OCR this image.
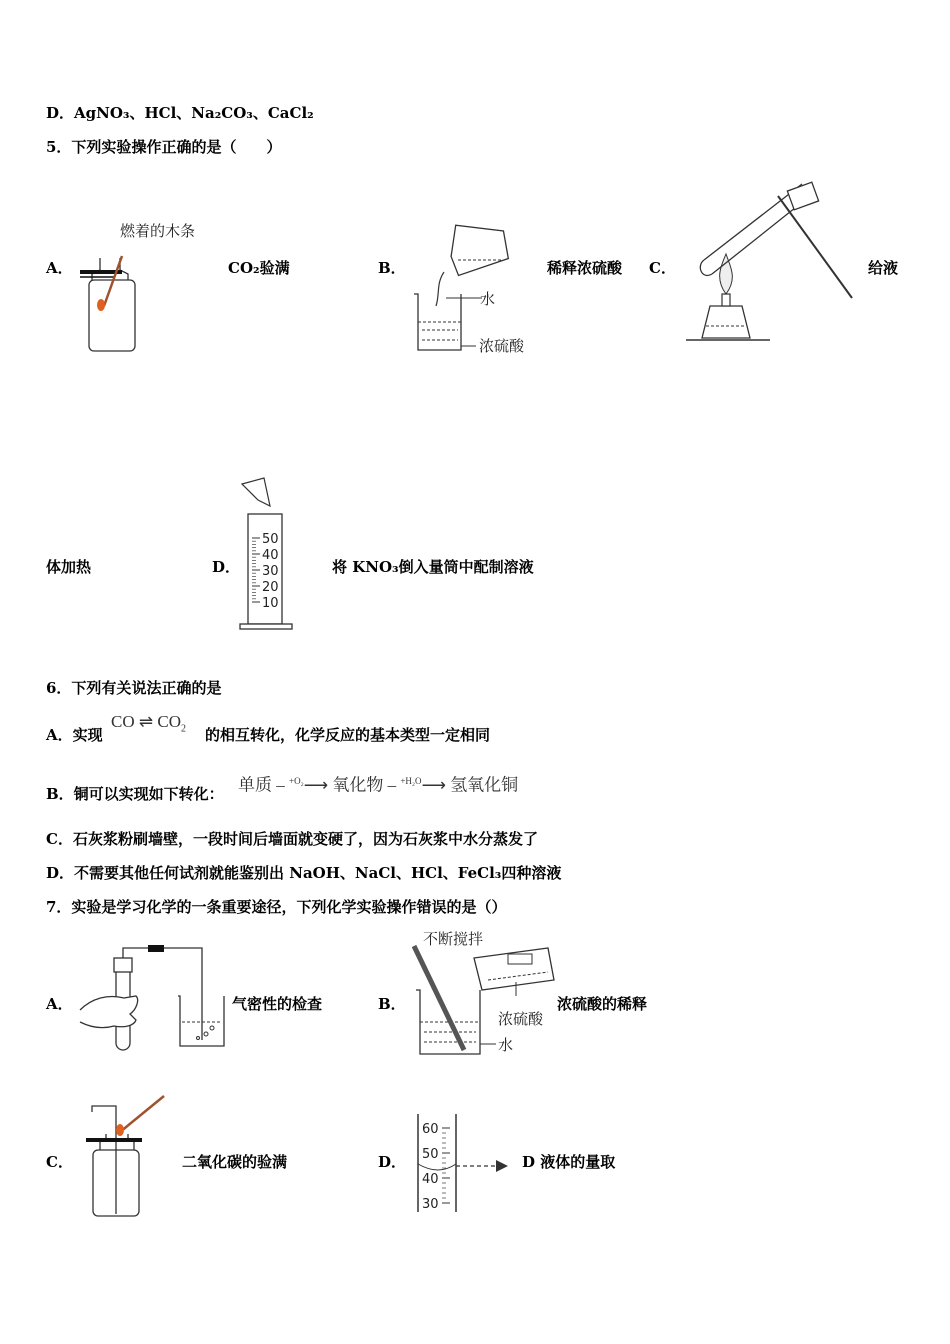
D． AgNO₃、HCl、Na₂CO₃、CaCl₂
5．下列实验操作正确的是（　　）
A．
燃着的木条
CO₂验满	B．
水
浓硫酸
稀释浓硫酸 C．	给液
体加热	D．
50
40
30
20
10
将 KNO₃倒入量筒中配制溶液
6．下列有关说法正确的是
A．实现
CO ⇌ $CO_2$ 的相互转化，化学反应的基本类型一定相同
B．铜可以实现如下转化： 单质 – $^{+O_2}$⟶ 氧化物 – $^{+H_2O}$⟶ 氢氧化铜
C．石灰浆粉刷墙壁，一段时间后墙面就变硬了，因为石灰浆中水分蒸发了
D．不需要其他任何试剂就能鉴别出 NaOH、NaCl、HCl、FeCl₃四种溶液
7．实验是学习化学的一条重要途径，下列化学实验操作错误的是（）
A．	气密性的检查	B．
不断搅拌
浓硫酸
水
浓硫酸的稀释
C．	二氧化碳的验满	D．
60
50
40
30
D 液体的量取
